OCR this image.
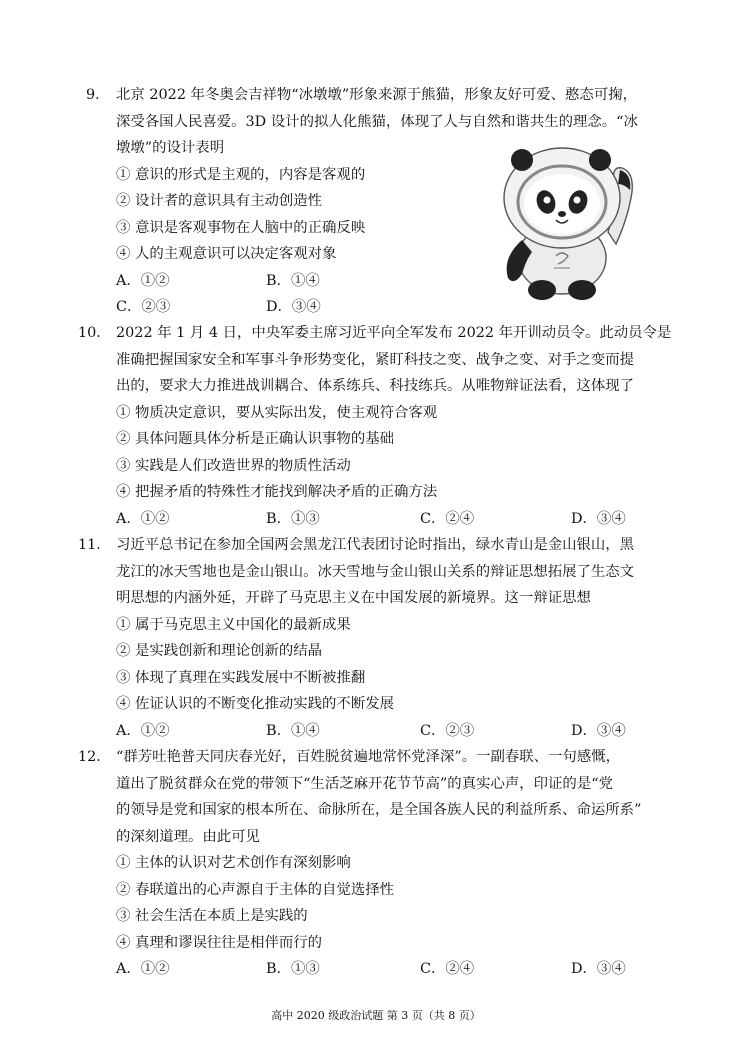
9． 北京 2022 年冬奥会吉祥物“冰墩墩”形象来源于熊猫，形象友好可爱、憨态可掬，
深受各国人民喜爱。3D 设计的拟人化熊猫，体现了人与自然和谐共生的理念。“冰
墩墩”的设计表明
① 意识的形式是主观的，内容是客观的
② 设计者的意识具有主动创造性
③ 意识是客观事物在人脑中的正确反映
④ 人的主观意识可以决定客观对象
A．①②	B．①④
C．②③	D．③④
10． 2022 年 1 月 4 日，中央军委主席习近平向全军发布 2022 年开训动员令。此动员令是
准确把握国家安全和军事斗争形势变化，紧盯科技之变、战争之变、对手之变而提
出的，要求大力推进战训耦合、体系练兵、科技练兵。从唯物辩证法看，这体现了
① 物质决定意识，要从实际出发，使主观符合客观
② 具体问题具体分析是正确认识事物的基础
③ 实践是人们改造世界的物质性活动
④ 把握矛盾的特殊性才能找到解决矛盾的正确方法
A．①②	B．①③	C．②④	D．③④
11． 习近平总书记在参加全国两会黑龙江代表团讨论时指出，绿水青山是金山银山，黑
龙江的冰天雪地也是金山银山。冰天雪地与金山银山关系的辩证思想拓展了生态文
明思想的内涵外延，开辟了马克思主义在中国发展的新境界。这一辩证思想
① 属于马克思主义中国化的最新成果
② 是实践创新和理论创新的结晶
③ 体现了真理在实践发展中不断被推翻
④ 佐证认识的不断变化推动实践的不断发展
A．①②	B．①④	C．②③	D．③④
12． “群芳吐艳普天同庆春光好，百姓脱贫遍地常怀党泽深”。一副春联、一句感慨，
道出了脱贫群众在党的带领下“生活芝麻开花节节高”的真实心声，印证的是“党
的领导是党和国家的根本所在、命脉所在，是全国各族人民的利益所系、命运所系”
的深刻道理。由此可见
① 主体的认识对艺术创作有深刻影响
② 春联道出的心声源自于主体的自觉选择性
③ 社会生活在本质上是实践的
④ 真理和谬误往往是相伴而行的
A．①②	B．①③	C．②④	D．③④
高中 2020 级政治试题 第 3 页（共 8 页）
